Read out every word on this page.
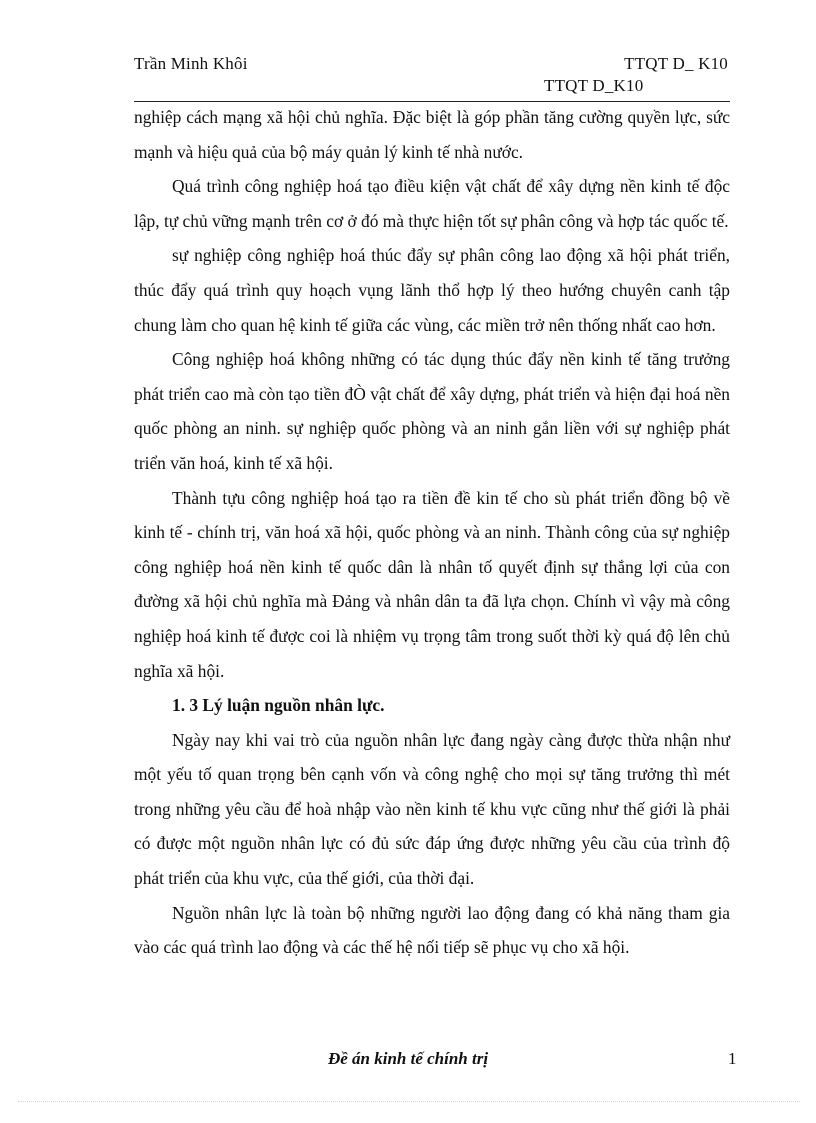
Trần Minh Khôi	TTQT D_ K10
TTQT D_K10

nghiệp cách mạng xã hội chủ nghĩa. Đặc biệt là góp phần tăng cường quyền lực, sức mạnh và hiệu quả của bộ máy quản lý kinh tế nhà nước.

Quá trình công nghiệp hoá tạo điều kiện vật chất để xây dựng nền kinh tế độc lập, tự chủ vững mạnh trên cơ ở đó mà thực hiện tốt sự phân công và hợp tác quốc tế.

sự nghiệp công nghiệp hoá thúc đẩy sự phân công lao động xã hội phát triển, thúc đẩy quá trình quy hoạch vụng lãnh thổ hợp lý theo hướng chuyên canh tập chung làm cho quan hệ kinh tế giữa các vùng, các miền trở nên thống nhất cao hơn.

Công nghiệp hoá không những có tác dụng thúc đẩy nền kinh tế tăng trưởng phát triển cao mà còn tạo tiền đÒ vật chất để xây dựng, phát triển và hiện đại hoá nền quốc phòng an ninh. sự nghiệp quốc phòng và an ninh gắn liền với sự nghiệp phát triển văn hoá, kinh tế xã hội.

Thành tựu công nghiệp hoá tạo ra tiền đề kin tế cho sù phát triển đồng bộ về kinh tế - chính trị, văn hoá xã hội, quốc phòng và an ninh. Thành công của sự nghiệp công nghiệp hoá nền kinh tế quốc dân là nhân tố quyết định sự thắng lợi của con đường xã hội chủ nghĩa mà Đảng và nhân dân ta đã lựa chọn. Chính vì vậy mà công nghiệp hoá kinh tế được coi là nhiệm vụ trọng tâm trong suốt thời kỳ quá độ lên chủ nghĩa xã hội.

1. 3 Lý luận nguồn nhân lực.

Ngày nay khi vai trò của nguồn nhân lực đang ngày càng được thừa nhận như một yếu tố quan trọng bên cạnh vốn và công nghệ cho mọi sự tăng trưởng thì mét trong những yêu cầu để hoà nhập vào nền kinh tế khu vực cũng như thế giới là phải có được một nguồn nhân lực có đủ sức đáp ứng được những yêu cầu của trình độ phát triển của khu vực, của thế giới, của thời đại.

Nguồn nhân lực là toàn bộ những người lao động đang có khả năng tham gia vào các quá trình lao động và các thế hệ nối tiếp sẽ phục vụ cho xã hội.

Đề án kinh tế chính trị	1
